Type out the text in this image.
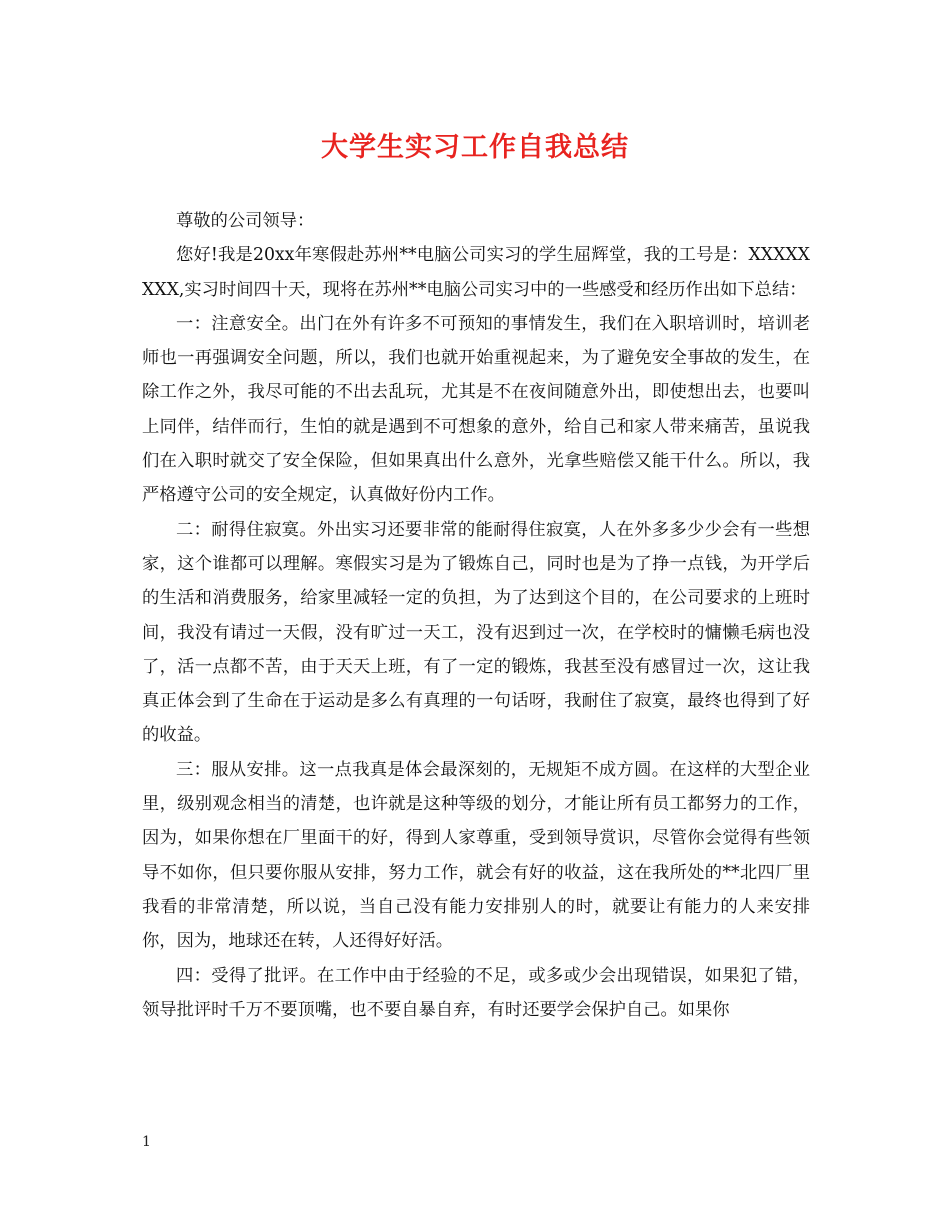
大学生实习工作自我总结

尊敬的公司领导：

您好!我是20xx年寒假赴苏州**电脑公司实习的学生屈辉堂，我的工号是：XXXXXXXX,实习时间四十天，现将在苏州**电脑公司实习中的一些感受和经历作出如下总结：

一：注意安全。出门在外有许多不可预知的事情发生，我们在入职培训时，培训老师也一再强调安全问题，所以，我们也就开始重视起来，为了避免安全事故的发生，在除工作之外，我尽可能的不出去乱玩，尤其是不在夜间随意外出，即使想出去，也要叫上同伴，结伴而行，生怕的就是遇到不可想象的意外，给自己和家人带来痛苦，虽说我们在入职时就交了安全保险，但如果真出什么意外，光拿些赔偿又能干什么。所以，我严格遵守公司的安全规定，认真做好份内工作。

二：耐得住寂寞。外出实习还要非常的能耐得住寂寞，人在外多多少少会有一些想家，这个谁都可以理解。寒假实习是为了锻炼自己，同时也是为了挣一点钱，为开学后的生活和消费服务，给家里减轻一定的负担，为了达到这个目的，在公司要求的上班时间，我没有请过一天假，没有旷过一天工，没有迟到过一次，在学校时的慵懒毛病也没了，活一点都不苦，由于天天上班，有了一定的锻炼，我甚至没有感冒过一次，这让我真正体会到了生命在于运动是多么有真理的一句话呀，我耐住了寂寞，最终也得到了好的收益。

三：服从安排。这一点我真是体会最深刻的，无规矩不成方圆。在这样的大型企业里，级别观念相当的清楚，也许就是这种等级的划分，才能让所有员工都努力的工作，因为，如果你想在厂里面干的好，得到人家尊重，受到领导赏识，尽管你会觉得有些领导不如你，但只要你服从安排，努力工作，就会有好的收益，这在我所处的**北四厂里我看的非常清楚，所以说，当自己没有能力安排别人的时，就要让有能力的人来安排你，因为，地球还在转，人还得好好活。

四：受得了批评。在工作中由于经验的不足，或多或少会出现错误，如果犯了错，领导批评时千万不要顶嘴，也不要自暴自弃，有时还要学会保护自己。如果你

1
